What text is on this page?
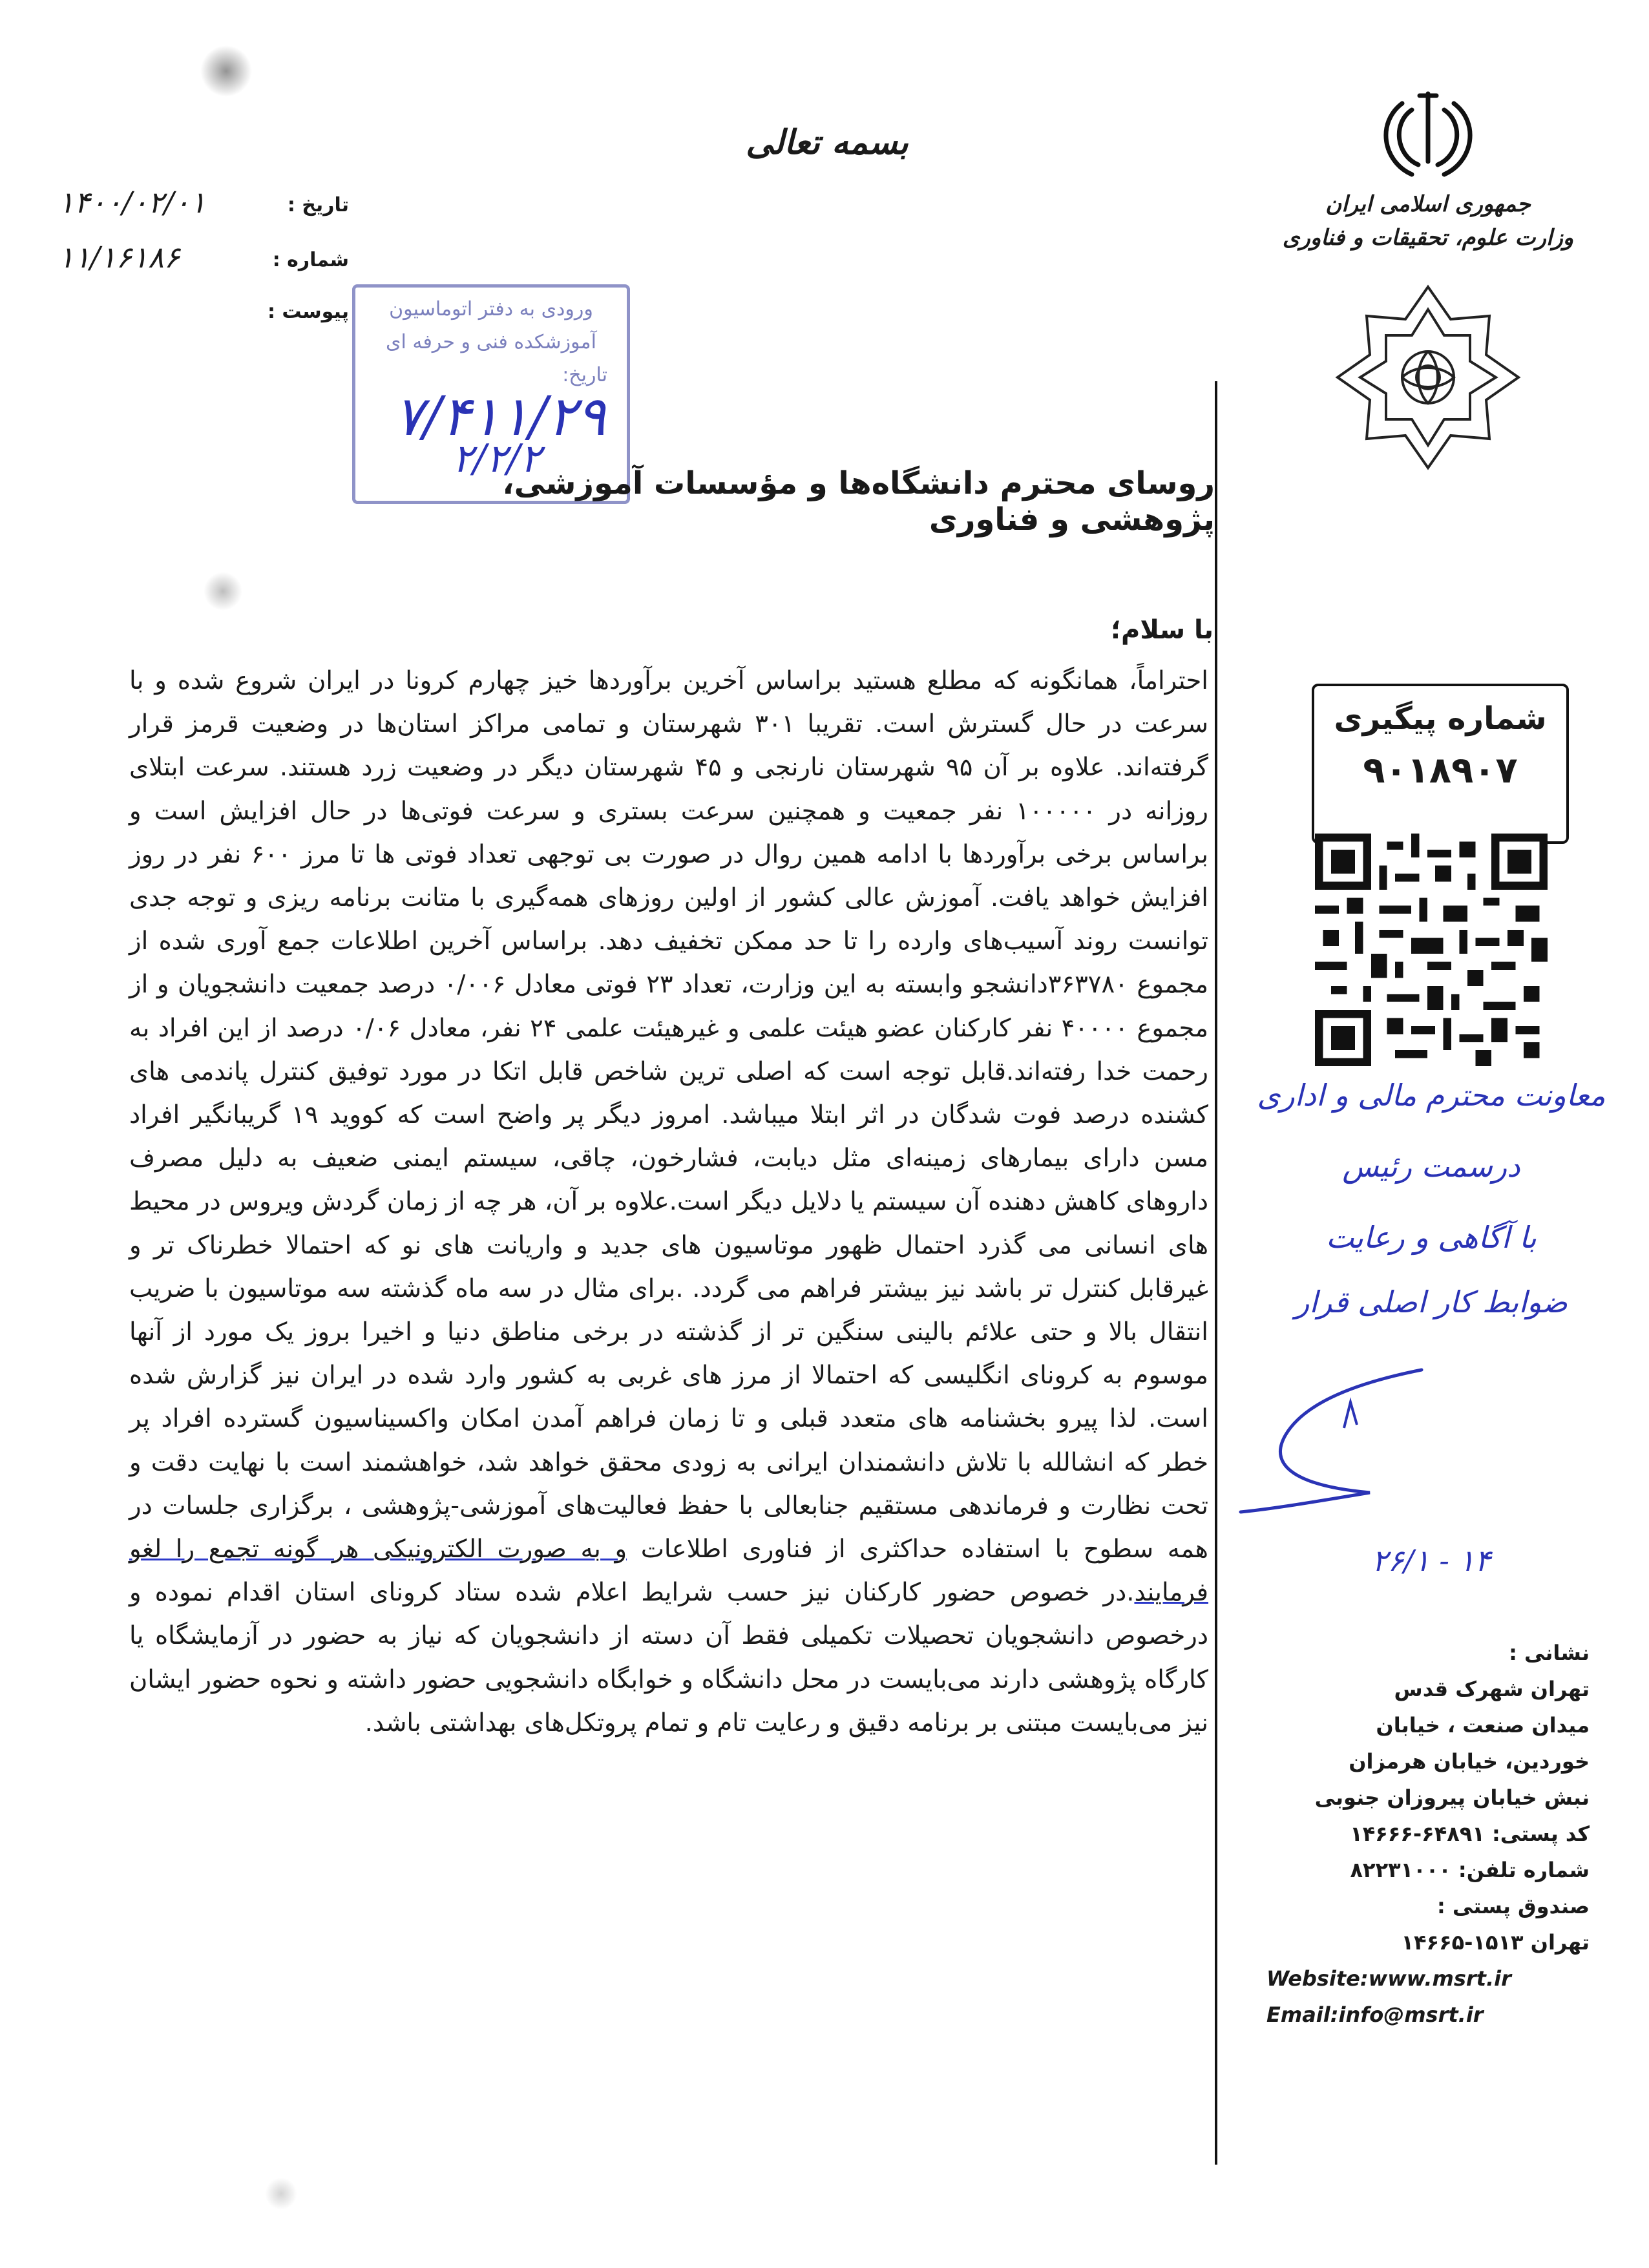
بسمه تعالی
تاریخ :
۱۴۰۰/۰۲/۰۱
شماره :
۱۱/۱۶۱۸۶
پیوست :
جمهوری اسلامی ایران
وزارت علوم، تحقیقات و فناوری
ورودی به دفتر اتوماسیون
آموزشکده فنی و حرفه ای
تاریخ:
۷/۴۱۱/۲۹
۲/۲/۲
روسای محترم دانشگاه‌ها و مؤسسات آموزشی، پژوهشی و فناوری
با سلام؛

احتراماً، همانگونه که مطلع هستید براساس آخرین برآوردها خیز چهارم کرونا در ایران شروع شده و با سرعت در حال گسترش است. تقریبا ۳۰۱ شهرستان و تمامی مراکز استان‌ها در وضعیت قرمز قرار گرفته‌اند. علاوه بر آن ۹۵ شهرستان نارنجی و ۴۵ شهرستان دیگر در وضعیت زرد هستند. سرعت ابتلای روزانه در ۱۰۰۰۰۰ نفر جمعیت و همچنین سرعت بستری و سرعت فوتی‌ها در حال افزایش است و براساس برخی برآوردها با ادامه همین روال در صورت بی توجهی تعداد فوتی ها تا مرز ۶۰۰ نفر در روز افزایش خواهد یافت. آموزش عالی کشور از اولین روزهای همه‌گیری با متانت برنامه ریزی و توجه جدی توانست روند آسیب‌های وارده را تا حد ممکن تخفیف دهد. براساس آخرین اطلاعات جمع آوری شده از مجموع ۳۶۳۷۸۰دانشجو وابسته به این وزارت، تعداد ۲۳ فوتی معادل ۰/۰۰۶ درصد جمعیت دانشجویان و از مجموع ۴۰۰۰۰ نفر کارکنان عضو هیئت علمی و غیرهیئت علمی ۲۴ نفر، معادل ۰/۰۶ درصد از این افراد به رحمت خدا رفته‌اند.قابل توجه است که اصلی ترین شاخص قابل اتکا در مورد توفیق کنترل پاندمی های کشنده درصد فوت شدگان در اثر ابتلا میباشد. امروز دیگر پر واضح است که کووید ۱۹ گریبانگیر افراد مسن دارای بیمارهای زمینه‌ای مثل دیابت، فشارخون، چاقی، سیستم ایمنی ضعیف به دلیل مصرف داروهای کاهش دهنده آن سیستم یا دلایل دیگر است.علاوه بر آن، هر چه از زمان گردش ویروس در محیط های انسانی می گذرد احتمال ظهور موتاسیون های جدید و واریانت های نو که احتمالا خطرناک تر و غیرقابل کنترل تر باشد نیز بیشتر فراهم می گردد. .برای مثال در سه ماه گذشته سه موتاسیون با ضریب انتقال بالا و حتی علائم بالینی سنگین تر از گذشته در برخی مناطق دنیا و اخیرا بروز یک مورد از آنها موسوم به کرونای انگلیسی که احتمالا از مرز های غربی به کشور وارد شده در ایران نیز گزارش شده است. لذا پیرو بخشنامه های متعدد قبلی و تا زمان فراهم آمدن امکان واکسیناسیون گسترده افراد پر خطر که انشالله با تلاش دانشمندان ایرانی به زودی محقق خواهد شد، خواهشمند است با نهایت دقت و تحت نظارت و فرماندهی مستقیم جنابعالی با حفظ فعالیت‌های آموزشی-پژوهشی ، برگزاری جلسات در همه سطوح با استفاده حداکثری از فناوری اطلاعات و به صورت الکترونیکی هر گونه تجمع را لغو فرمایند.در خصوص حضور کارکنان نیز حسب شرایط اعلام شده ستاد کرونای استان اقدام نموده و درخصوص دانشجویان تحصیلات تکمیلی فقط آن دسته از دانشجویان که نیاز به حضور در آزمایشگاه یا کارگاه پژوهشی دارند می‌بایست در محل دانشگاه و خوابگاه دانشجویی حضور داشته و نحوه حضور ایشان نیز می‌بایست مبتنی بر برنامه دقیق و رعایت تام و تمام پروتکل‌های بهداشتی باشد.

شماره پیگیری
۹۰۱۸۹۰۷
معاونت محترم مالی و اداری
درسمت رئیس
با آگاهی و رعایت
ضوابط کار اصلی قرار
۲۶/۱ - ۱۴
نشانی :
تهران شهرک قدس
میدان صنعت ، خیابان
خوردین، خیابان هرمزان
نبش خیابان پیروزان جنوبی
کد پستی: ۶۴۸۹۱-۱۴۶۶۶
شماره تلفن: ۸۲۲۳۱۰۰۰
صندوق پستی :
تهران ۱۵۱۳-۱۴۶۶۵
Website:www.msrt.ir
Email:info@msrt.ir
